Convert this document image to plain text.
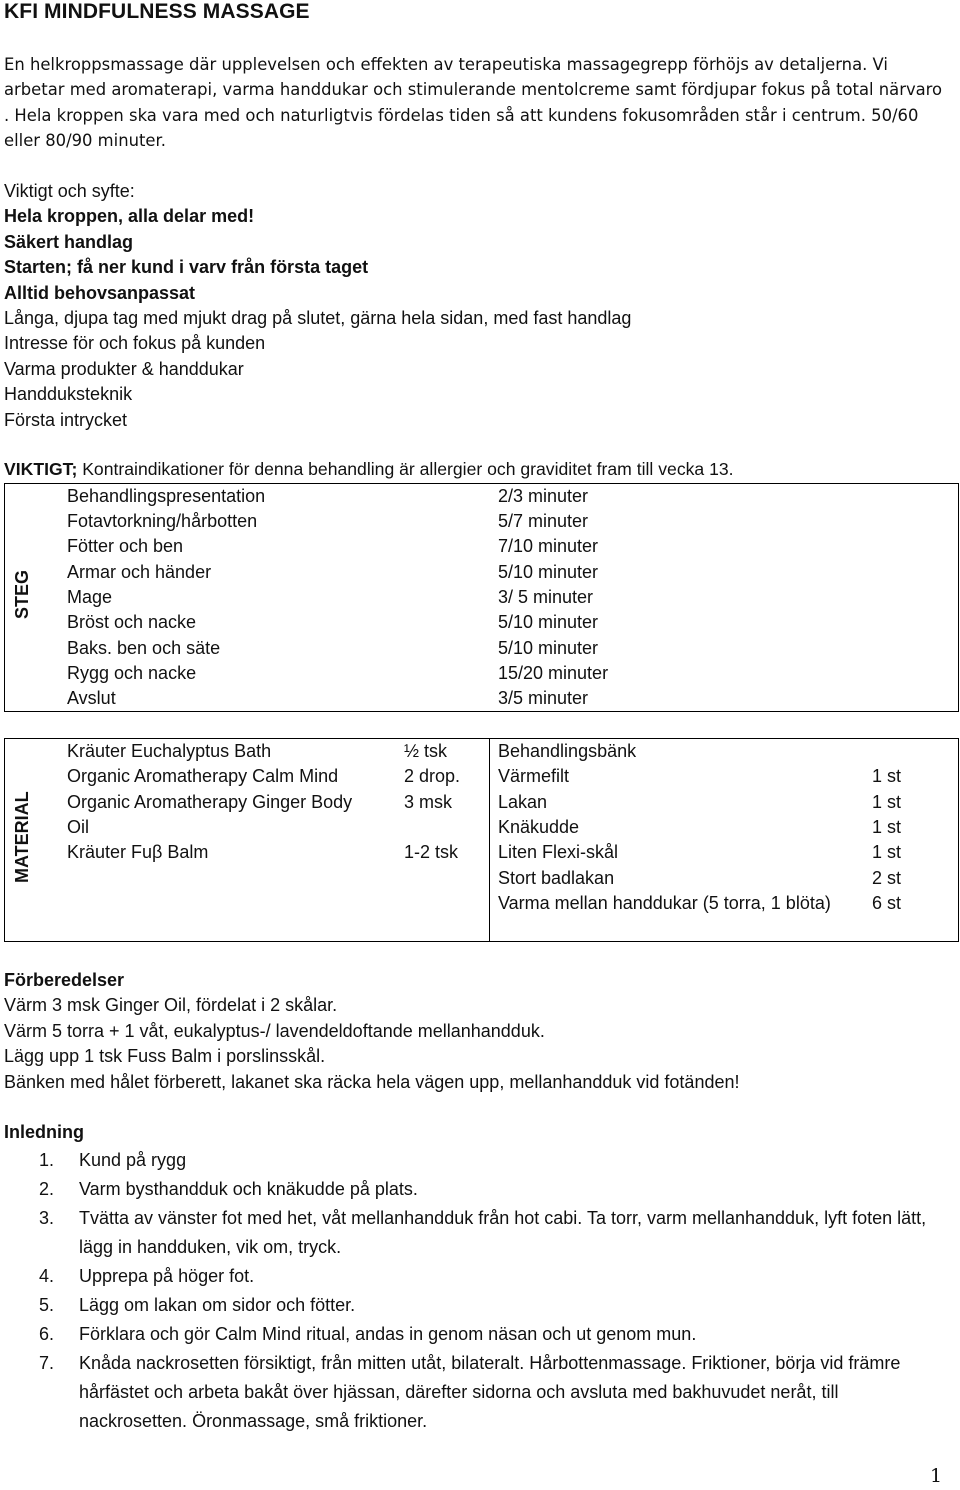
KFI MINDFULNESS MASSAGE

En helkroppsmassage där upplevelsen och effekten av terapeutiska massagegrepp förhöjs av detaljerna. Vi arbetar med aromaterapi, varma handdukar och stimulerande mentolcreme samt fördjupar fokus på total närvaro . Hela kroppen ska vara med och naturligtvis fördelas tiden så att kundens fokusområden står i centrum. 50/60 eller 80/90 minuter.

Viktigt och syfte:
Hela kroppen, alla delar med!
Säkert handlag
Starten; få ner kund i varv från första taget
Alltid behovsanpassat
Långa, djupa tag med mjukt drag på slutet, gärna hela sidan, med fast handlag
Intresse för och fokus på kunden
Varma produkter & handdukar
Handduksteknik
Första intrycket
VIKTIGT; Kontraindikationer för denna behandling är allergier och graviditet fram till vecka 13.
STEG
Behandlingspresentation	2/3 minuter
Fotavtorkning/hårbotten	5/7 minuter
Fötter och ben	7/10 minuter
Armar och händer	5/10 minuter
Mage	3/ 5 minuter
Bröst och nacke	5/10 minuter
Baks. ben och säte	5/10 minuter
Rygg och nacke	15/20 minuter
Avslut	3/5 minuter
MATERIAL
Kräuter Euchalyptus Bath	½ tsk
Organic Aromatherapy Calm Mind	2 drop.
Organic Aromatherapy Ginger Body	3 msk
Oil
Kräuter Fuβ Balm	1-2 tsk
Behandlingsbänk
Värmefilt	1 st
Lakan	1 st
Knäkudde	1 st
Liten Flexi-skål	1 st
Stort badlakan	2 st
Varma mellan handdukar (5 torra, 1 blöta) 6 st
Förberedelser
Värm 3 msk Ginger Oil, fördelat i 2 skålar.
Värm 5 torra + 1 våt, eukalyptus-/ lavendeldoftande mellanhandduk.
Lägg upp 1 tsk Fuss Balm i porslinsskål.
Bänken med hålet förberett, lakanet ska räcka hela vägen upp, mellanhandduk vid fotänden!
Inledning
1. Kund på rygg
2. Varm bysthandduk och knäkudde på plats.
3. Tvätta av vänster fot med het, våt mellanhandduk från hot cabi. Ta torr, varm mellanhandduk, lyft foten lätt, lägg in handduken, vik om, tryck.
4. Upprepa på höger fot.
5. Lägg om lakan om sidor och fötter.
6. Förklara och gör Calm Mind ritual, andas in genom näsan och ut genom mun.
7. Knåda nackrosetten försiktigt, från mitten utåt, bilateralt. Hårbottenmassage. Friktioner, börja vid främre hårfästet och arbeta bakåt över hjässan, därefter sidorna och avsluta med bakhuvudet neråt, till nackrosetten. Öronmassage, små friktioner.
1
